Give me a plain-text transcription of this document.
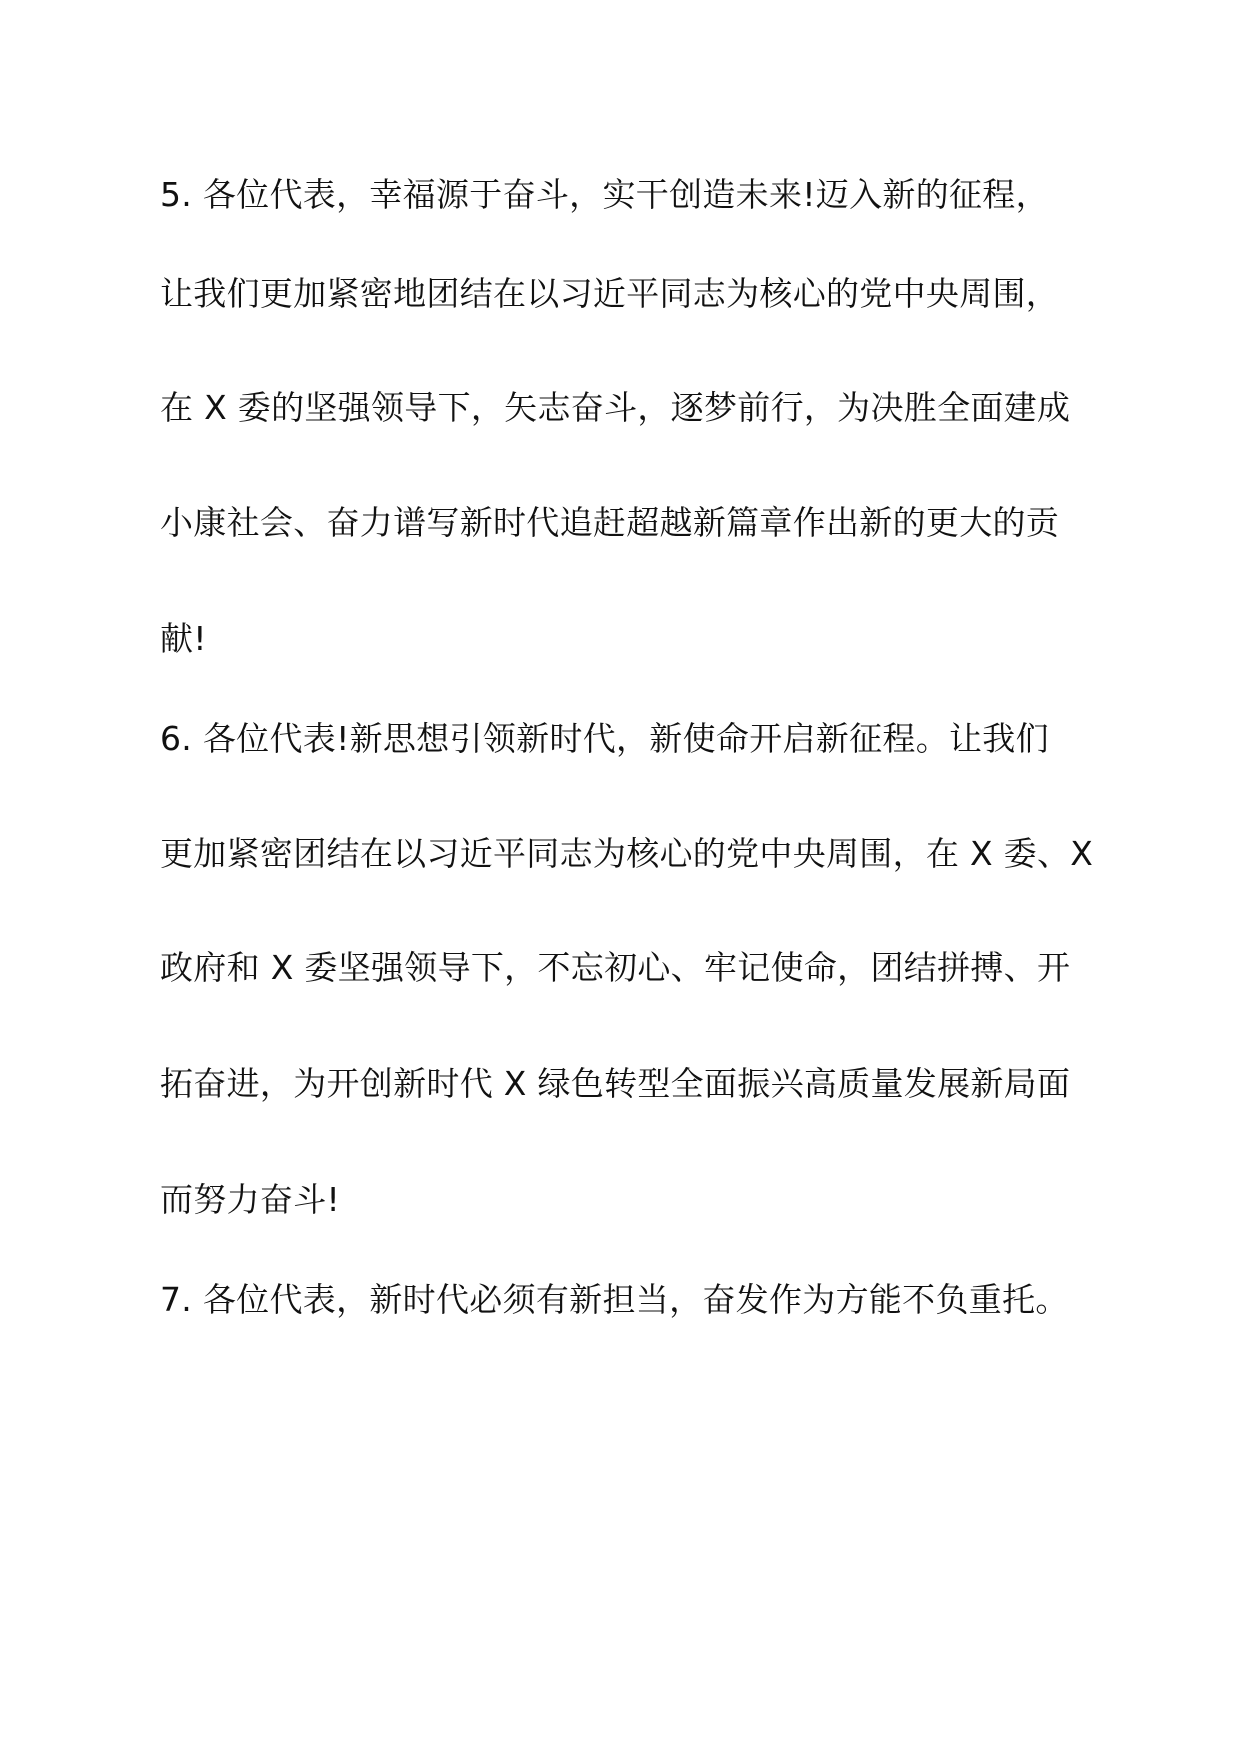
5. 各位代表，幸福源于奋斗，实干创造未来!迈入新的征程，
让我们更加紧密地团结在以习近平同志为核心的党中央周围，
在 X 委的坚强领导下，矢志奋斗，逐梦前行，为决胜全面建成
小康社会、奋力谱写新时代追赶超越新篇章作出新的更大的贡
献!
6. 各位代表!新思想引领新时代，新使命开启新征程。让我们
更加紧密团结在以习近平同志为核心的党中央周围，在 X 委、X
政府和 X 委坚强领导下，不忘初心、牢记使命，团结拼搏、开
拓奋进，为开创新时代 X 绿色转型全面振兴高质量发展新局面
而努力奋斗!
7. 各位代表，新时代必须有新担当，奋发作为方能不负重托。
